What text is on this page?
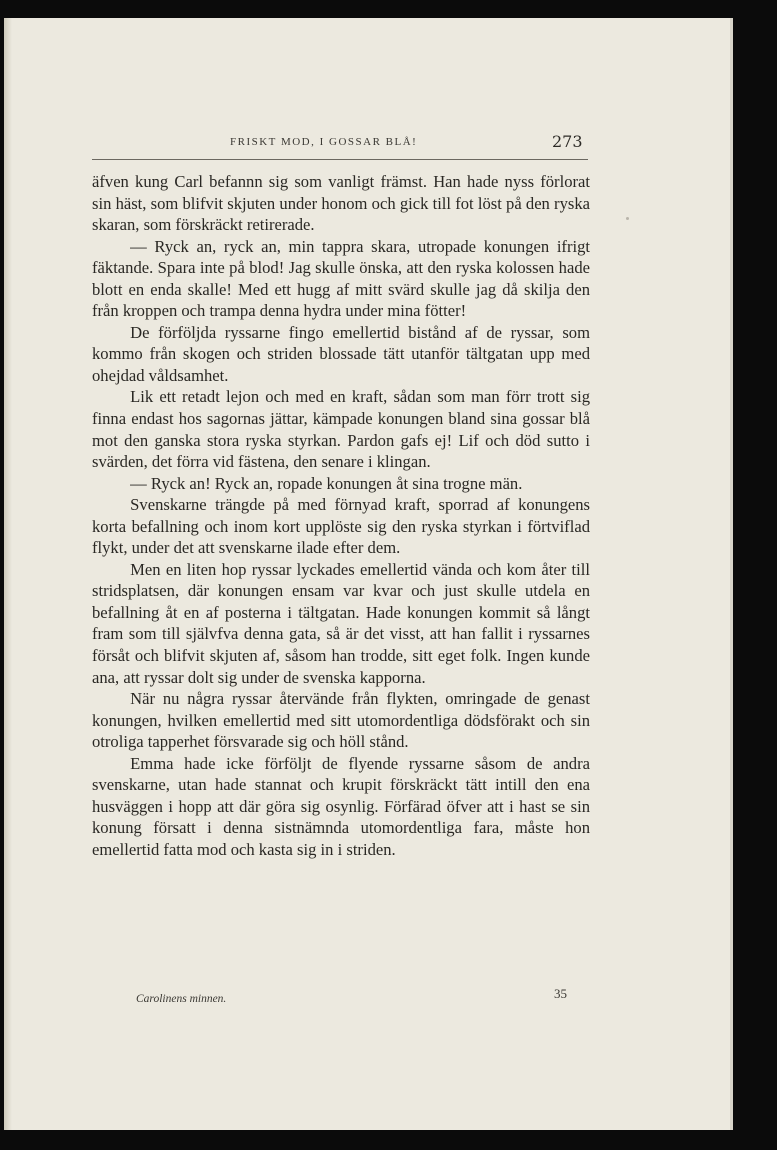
FRISKT MOD, I GOSSAR BLÅ!	273

äfven kung Carl befannn sig som vanligt främst. Han hade nyss förlorat sin häst, som blifvit skjuten under honom och gick till fot löst på den ryska skaran, som förskräckt retirerade.

— Ryck an, ryck an, min tappra skara, utropade konungen ifrigt fäktande. Spara inte på blod! Jag skulle önska, att den ryska kolossen hade blott en enda skalle! Med ett hugg af mitt svärd skulle jag då skilja den från kroppen och trampa denna hydra under mina fötter!

De förföljda ryssarne fingo emellertid bistånd af de ryssar, som kommo från skogen och striden blossade tätt utanför tältgatan upp med ohejdad våldsamhet.

Lik ett retadt lejon och med en kraft, sådan som man förr trott sig finna endast hos sagornas jättar, kämpade konungen bland sina gossar blå mot den ganska stora ryska styrkan. Pardon gafs ej! Lif och död sutto i svärden, det förra vid fästena, den senare i klingan.

— Ryck an! Ryck an, ropade konungen åt sina trogne män.

Svenskarne trängde på med förnyad kraft, sporrad af konungens korta befallning och inom kort upplöste sig den ryska styrkan i förtviflad flykt, under det att svenskarne ilade efter dem.

Men en liten hop ryssar lyckades emellertid vända och kom åter till stridsplatsen, där konungen ensam var kvar och just skulle utdela en befallning åt en af posterna i tältgatan. Hade konungen kommit så långt fram som till självfva denna gata, så är det visst, att han fallit i ryssarnes försåt och blifvit skjuten af, såsom han trodde, sitt eget folk. Ingen kunde ana, att ryssar dolt sig under de svenska kapporna.

När nu några ryssar återvände från flykten, omringade de genast konungen, hvilken emellertid med sitt utomordentliga dödsförakt och sin otroliga tapperhet försvarade sig och höll stånd.

Emma hade icke förföljt de flyende ryssarne såsom de andra svenskarne, utan hade stannat och krupit förskräckt tätt intill den ena husväggen i hopp att där göra sig osynlig. Förfärad öfver att i hast se sin konung försatt i denna sistnämnda utomordentliga fara, måste hon emellertid fatta mod och kasta sig in i striden.

Carolinens minnen.	35
